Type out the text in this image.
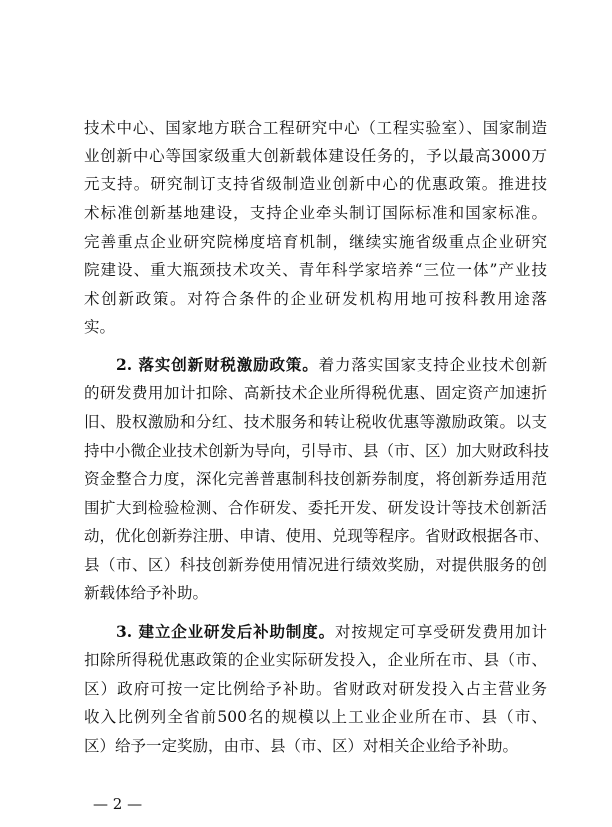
技术中心、国家地方联合工程研究中心（工程实验室）、国家制造
业创新中心等国家级重大创新载体建设任务的，予以最高3000万
元支持。研究制订支持省级制造业创新中心的优惠政策。推进技
术标准创新基地建设，支持企业牵头制订国际标准和国家标准。
完善重点企业研究院梯度培育机制，继续实施省级重点企业研究
院建设、重大瓶颈技术攻关、青年科学家培养“三位一体”产业技
术创新政策。对符合条件的企业研发机构用地可按科教用途落
实。
2. 落实创新财税激励政策。着力落实国家支持企业技术创新
的研发费用加计扣除、高新技术企业所得税优惠、固定资产加速折
旧、股权激励和分红、技术服务和转让税收优惠等激励政策。以支
持中小微企业技术创新为导向，引导市、县（市、区）加大财政科技
资金整合力度，深化完善普惠制科技创新券制度，将创新券适用范
围扩大到检验检测、合作研发、委托开发、研发设计等技术创新活
动，优化创新券注册、申请、使用、兑现等程序。省财政根据各市、
县（市、区）科技创新券使用情况进行绩效奖励，对提供服务的创
新载体给予补助。
3. 建立企业研发后补助制度。对按规定可享受研发费用加计
扣除所得税优惠政策的企业实际研发投入，企业所在市、县（市、
区）政府可按一定比例给予补助。省财政对研发投入占主营业务
收入比例列全省前500名的规模以上工业企业所在市、县（市、
区）给予一定奖励，由市、县（市、区）对相关企业给予补助。
— 2 —
